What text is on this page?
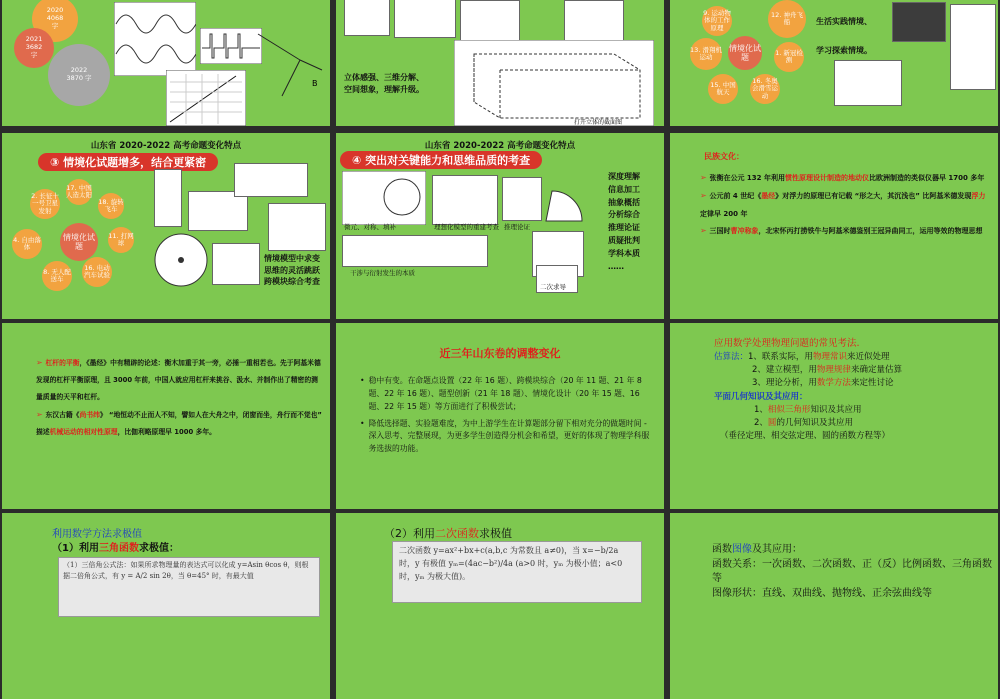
2020
4068
字
2021
3682
字
2022
3870 字
B
打开立体的截面图
立体感强、三维分解、
空间想象，理解升级。
9. 运动物体的工作原理
12. 神舟飞船
13. 滑翔机运动
情境化试题
1. 新冠检测
15. 中国航天
16. 冬奥会滑雪运动
生活实践情境、
学习探索情境。
山东省 2020-2022 高考命题变化特点
③ 情境化试题增多，结合更紧密
17. 中国人造太阳
18. 旋转飞车
11. 打网球
16. 电动汽车试验
8. 无人配送车
4. 自由落体
2. 长征十一号卫星发射
情境化试题
情境模型中求变
思维的灵活跳跃
跨模块综合考查
山东省 2020-2022 高考命题变化特点
④ 突出对关键能力和思维品质的考查
微元、对称、填补	理想化模型的重建考查 推理论证
干涉与衍射发生的本质
二次求导
深度理解
信息加工
抽象概括
分析综合
推理论证
质疑批判
学科本质
……
民族文化：
➢ 张衡在公元 132 年利用惯性原理设计制造的地动仪比欧洲制造的类似仪器早 1700 多年
➢ 公元前 4 世纪《墨经》对浮力的原理已有记载 “形之大，其沉浅也” 比阿基米德发现浮力定律早 200 年
➢ 三国时曹冲称象，北宋怀丙打捞铁牛与阿基米德鉴别王冠异曲同工，运用等效的物理思想
➢ 杠杆的平衡，《墨经》中有精辟的论述：衡木加重于其一旁，必捶一重相若也。先于阿基米德发现的杠杆平衡原理，且 3000 年前，中国人就应用杠杆来挑谷、汲水、并制作出了精密的测量质量的天平和杠杆。
➢ 东汉古籍《尚书纬》 “地恒动不止而人不知，譬如人在大舟之中，闭窗而坐，舟行而不觉也” 描述机械运动的相对性原理，比伽利略原理早 1000 多年。
近三年山东卷的调整变化
• 稳中有变。在命题点设置（22 年 16 题）、跨模块综合（20 年 11 题、21 年 8 题、22 年 16 题）、题型创新（21 年 18 题）、情境化设计（20 年 15 题、16 题、22 年 15 题）等方面进行了积极尝试；
• 降低选择题、实验题难度，为中上游学生在计算题部分留下相对充分的做题时间 - 深入思考、完整展现，为更多学生创造得分机会和希望，更好的体现了物理学科服务选拔的功能。
应用数学处理物理问题的常见考法.
估算法：1、联系实际，用物理常识来近似处理
2、建立模型，用物理规律来确定量估算
3、理论分析，用数学方法来定性讨论
平面几何知识及其应用：
1、相似三角形知识及其应用
2、圆的几何知识及其应用
（垂径定理、相交弦定理、圆的函数方程等）
利用数学方法求极值
（1）利用三角函数求极值：
（1）三倍角公式法：如果所求物理量的表达式可以化成 y=Asin θcos θ，则根据二倍角公式，有 y = A/2 sin 2θ，当 θ=45° 时，有最大值
（2）利用二次函数求极值
二次函数 y=ax²+bx+c(a,b,c 为常数且 a≠0)，当 x=−b/2a 时，y 有极值 yₘ=(4ac−b²)/4a (a>0 时，yₘ 为极小值；a<0 时，yₘ 为极大值)。
函数图像及其应用：
函数关系：一次函数、二次函数、正（反）比例函数、三角函数等
图像形状：直线、双曲线、抛物线、正余弦曲线等
